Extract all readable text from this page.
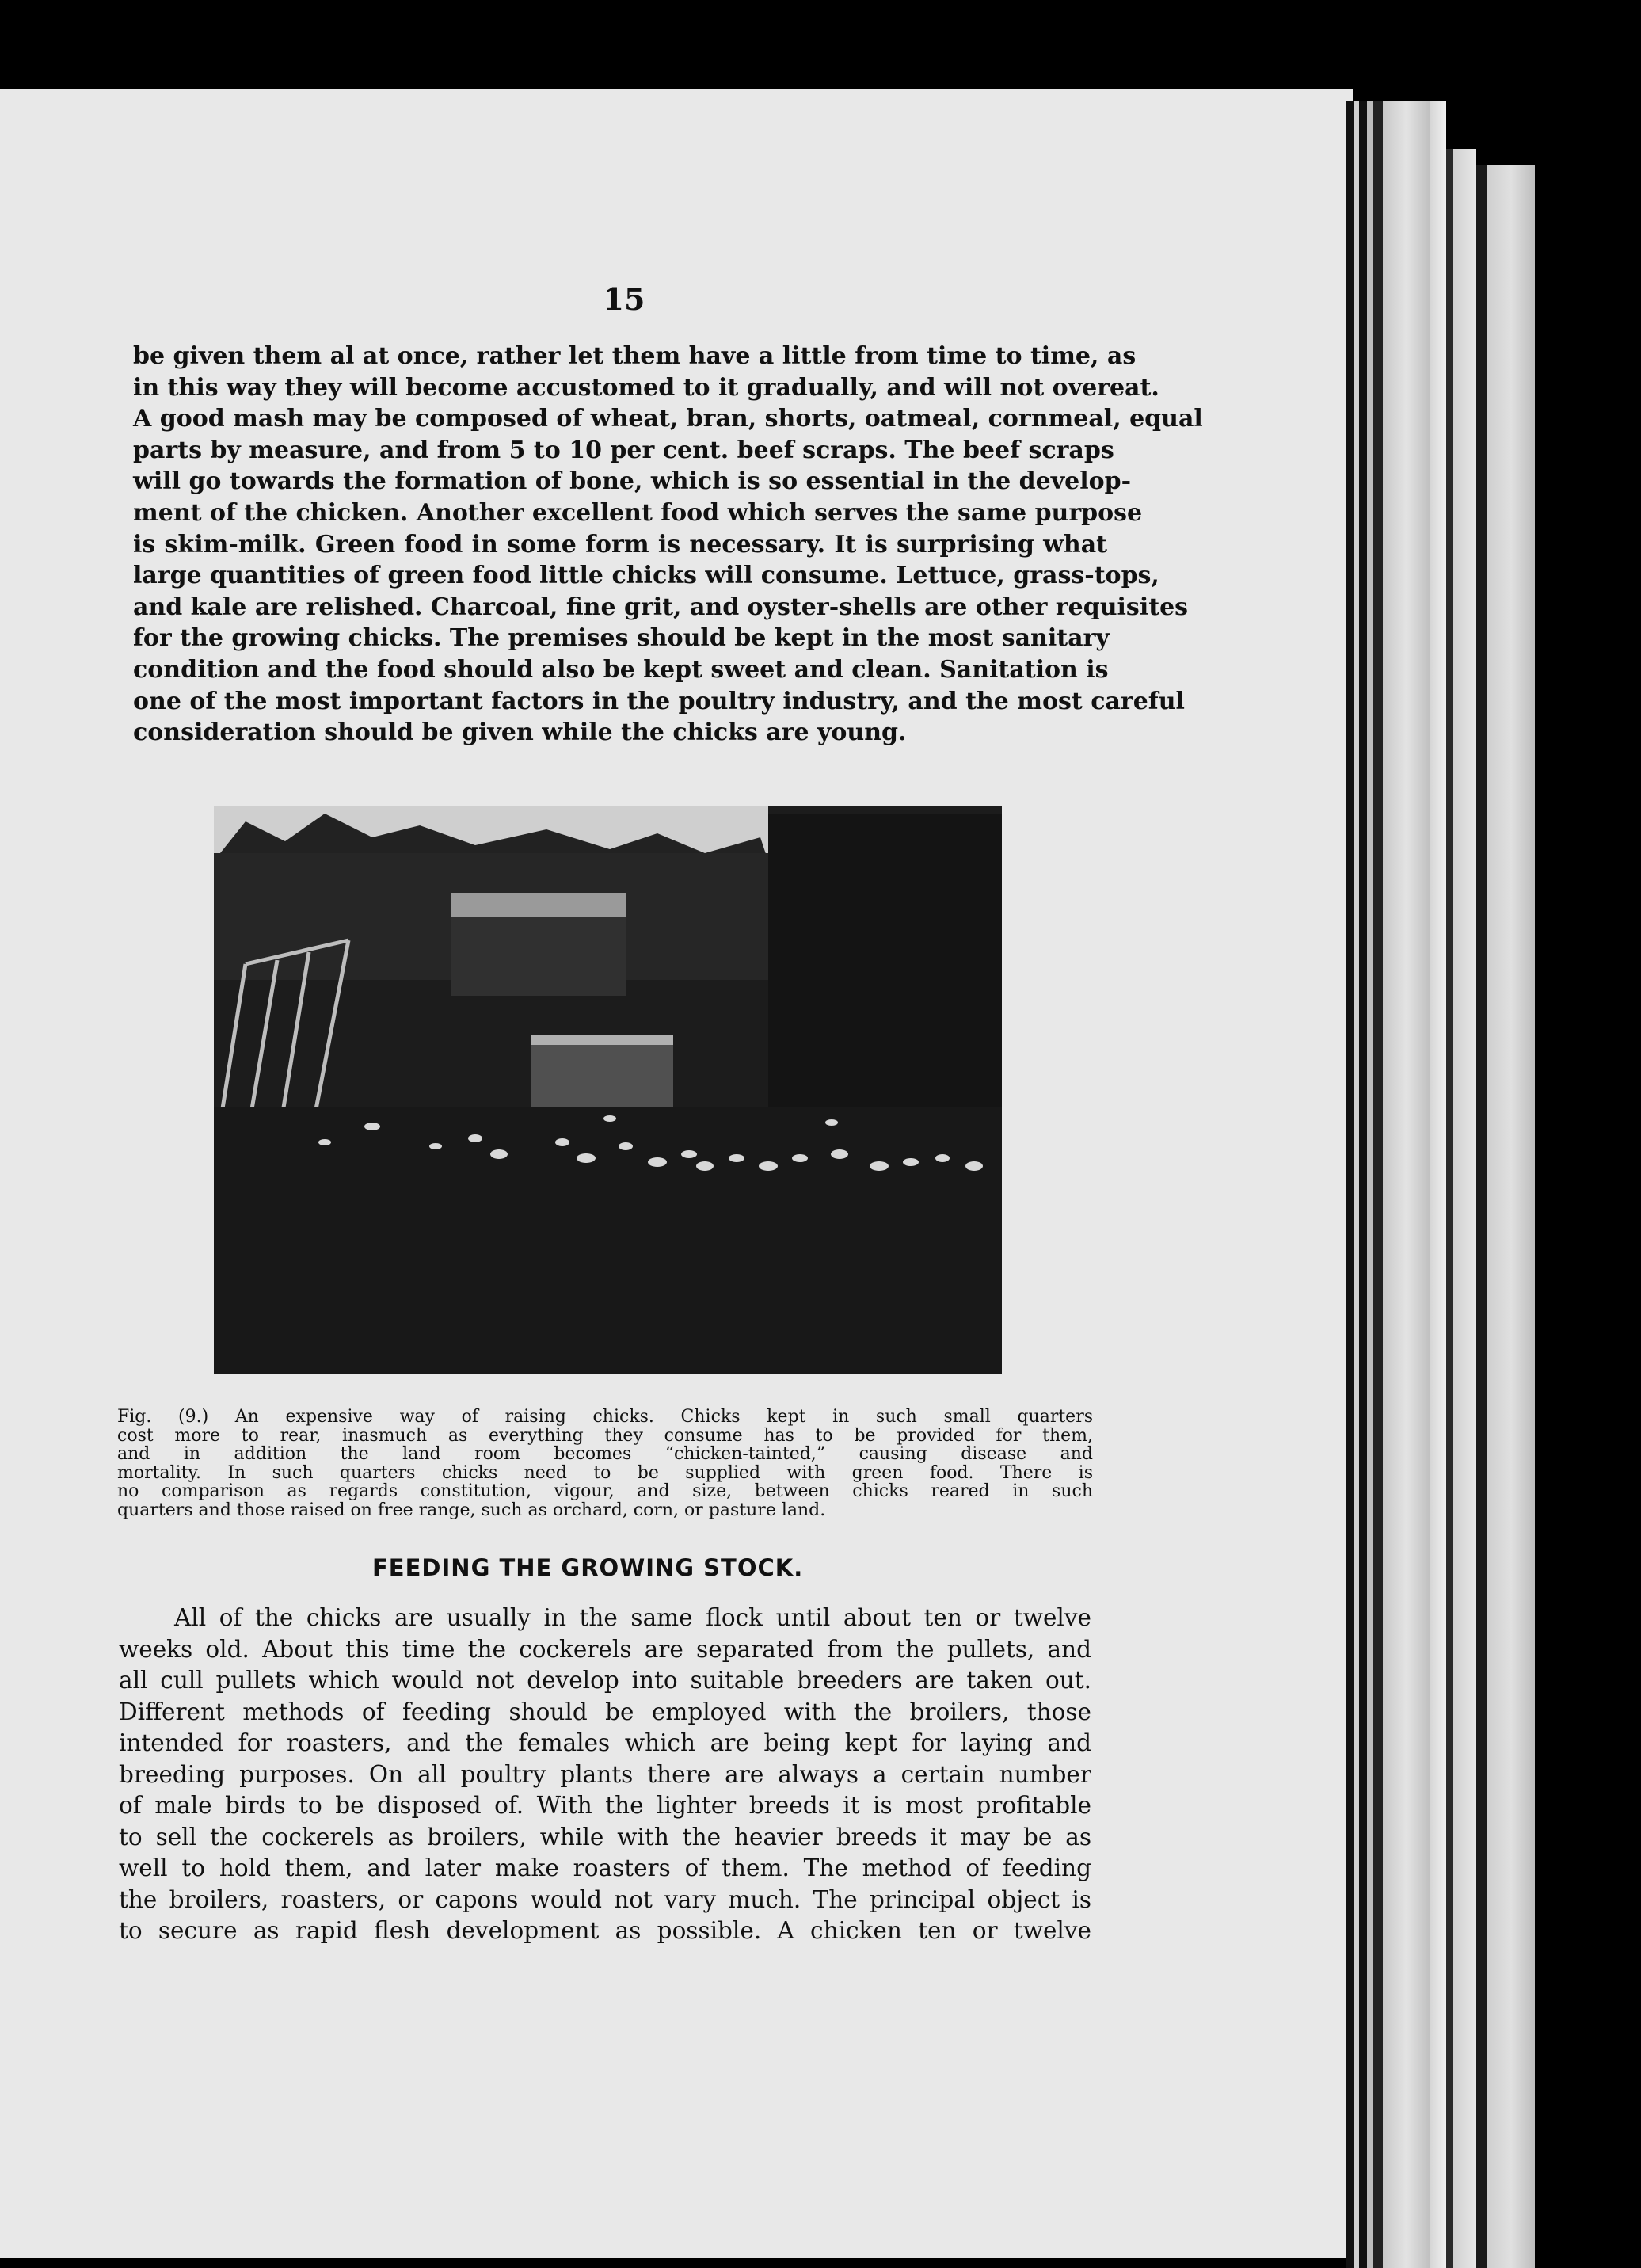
15
be given them al at once, rather let them have a little from time to time, as
in this way they will become accustomed to it gradually, and will not overeat.
A good mash may be composed of wheat, bran, shorts, oatmeal, cornmeal, equal
parts by measure, and from 5 to 10 per cent. beef scraps. The beef scraps
will go towards the formation of bone, which is so essential in the develop-
ment of the chicken. Another excellent food which serves the same purpose
is skim-milk. Green food in some form is necessary. It is surprising what
large quantities of green food little chicks will consume. Lettuce, grass-tops,
and kale are relished. Charcoal, fine grit, and oyster-shells are other requisites
for the growing chicks. The premises should be kept in the most sanitary
condition and the food should also be kept sweet and clean. Sanitation is
one of the most important factors in the poultry industry, and the most careful
consideration should be given while the chicks are young.
Fig. (9.) An expensive way of raising chicks. Chicks kept in such small quarters
cost more to rear, inasmuch as everything they consume has to be provided for them,
and in addition the land room becomes “chicken-tainted,” causing disease and
mortality. In such quarters chicks need to be supplied with green food. There is
no comparison as regards constitution, vigour, and size, between chicks reared in such
quarters and those raised on free range, such as orchard, corn, or pasture land.
FEEDING THE GROWING STOCK.
All of the chicks are usually in the same flock until about ten or twelve
weeks old. About this time the cockerels are separated from the pullets, and
all cull pullets which would not develop into suitable breeders are taken out.
Different methods of feeding should be employed with the broilers, those
intended for roasters, and the females which are being kept for laying and
breeding purposes. On all poultry plants there are always a certain number
of male birds to be disposed of. With the lighter breeds it is most profitable
to sell the cockerels as broilers, while with the heavier breeds it may be as
well to hold them, and later make roasters of them. The method of feeding
the broilers, roasters, or capons would not vary much. The principal object is
to secure as rapid flesh development as possible. A chicken ten or twelve
